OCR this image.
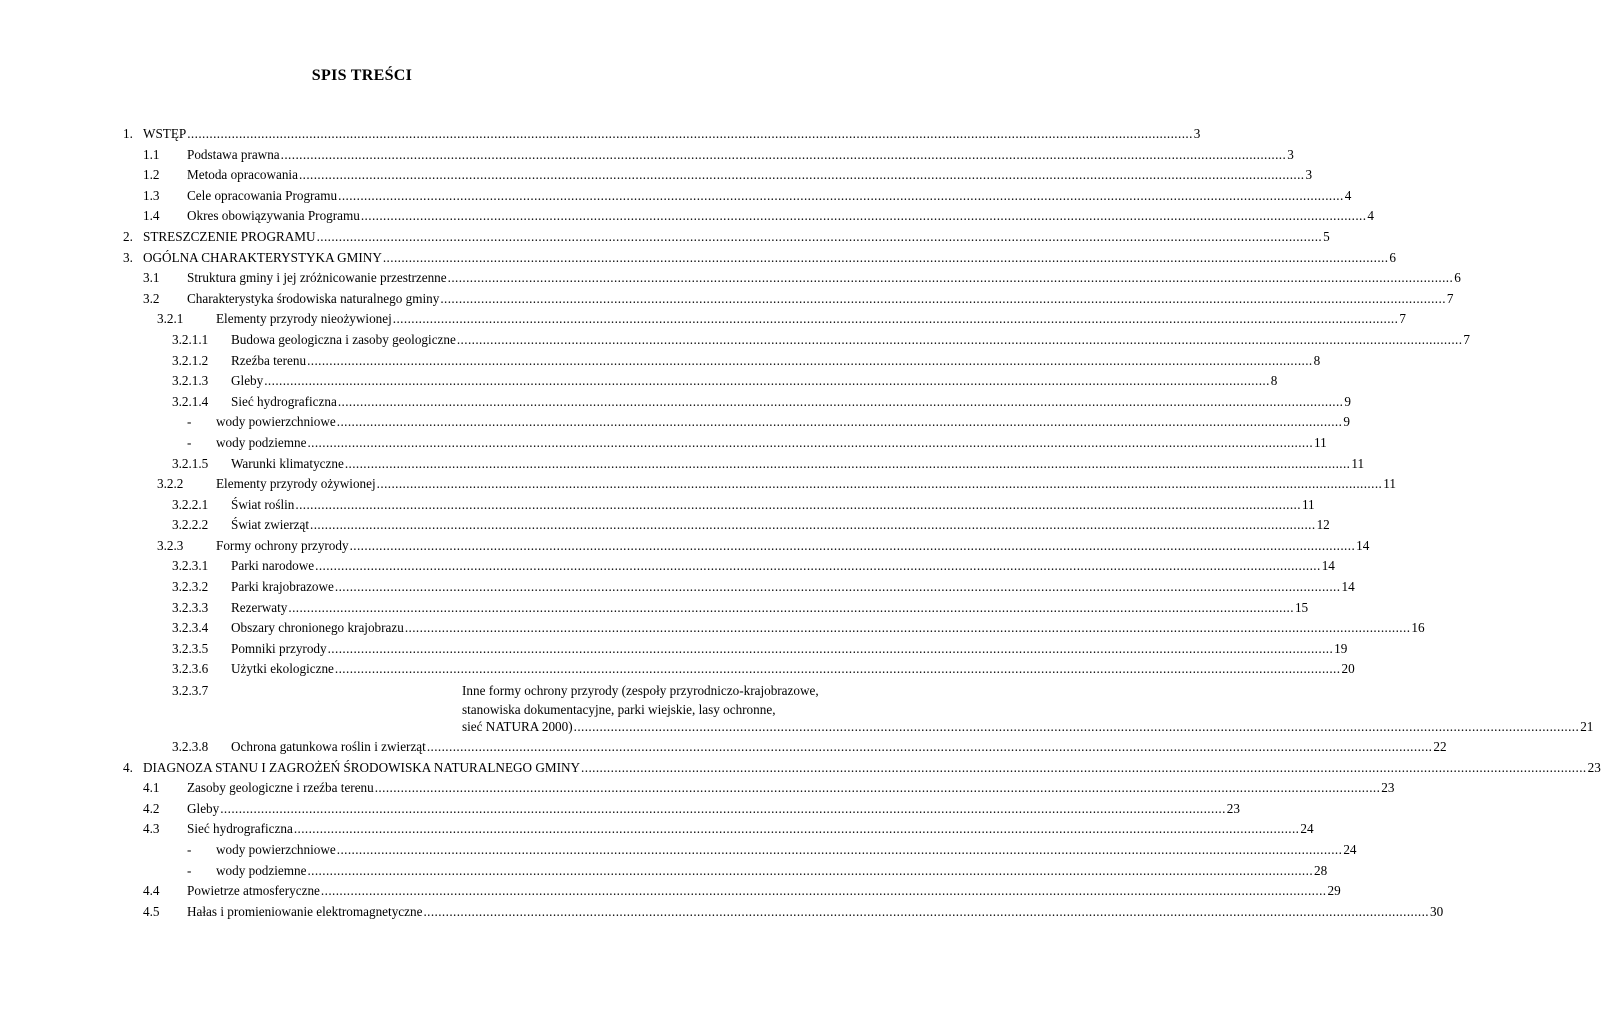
SPIS TREŚCI
1. WSTĘP .....	3
1.1 Podstawa prawna .....	3
1.2 Metoda opracowania .....	3
1.3 Cele opracowania Programu .....	4
1.4 Okres obowiązywania Programu .....	4
2. STRESZCZENIE PROGRAMU .....	5
3. OGÓLNA CHARAKTERYSTYKA GMINY .....	6
3.1 Struktura gminy i jej zróżnicowanie przestrzenne .....	6
3.2 Charakterystyka środowiska naturalnego gminy .....	7
3.2.1 Elementy przyrody nieożywionej .....	7
3.2.1.1 Budowa geologiczna i zasoby geologiczne .....	7
3.2.1.2 Rzeźba terenu .....	8
3.2.1.3 Gleby .....	8
3.2.1.4 Sieć hydrograficzna .....	9
- wody powierzchniowe .....	9
- wody podziemne .....	11
3.2.1.5 Warunki klimatyczne .....	11
3.2.2 Elementy przyrody ożywionej .....	11
3.2.2.1 Świat roślin .....	11
3.2.2.2 Świat zwierząt .....	12
3.2.3 Formy ochrony przyrody .....	14
3.2.3.1 Parki narodowe .....	14
3.2.3.2 Parki krajobrazowe .....	14
3.2.3.3 Rezerwaty .....	15
3.2.3.4 Obszary chronionego krajobrazu .....	16
3.2.3.5 Pomniki przyrody .....	19
3.2.3.6 Użytki ekologiczne .....	20
3.2.3.7	Inne formy ochrony przyrody (zespoły przyrodniczo-krajobrazowe,
stanowiska dokumentacyjne, parki wiejskie, lasy ochronne,
sieć NATURA 2000) .....	21
3.2.3.8 Ochrona gatunkowa roślin i zwierząt .....	22
4. DIAGNOZA STANU I ZAGROŻEŃ ŚRODOWISKA NATURALNEGO GMINY .....	23
4.1 Zasoby geologiczne i rzeźba terenu .....	23
4.2 Gleby .....	23
4.3 Sieć hydrograficzna .....	24
- wody powierzchniowe .....	24
- wody podziemne .....	28
4.4 Powietrze atmosferyczne .....	29
4.5 Hałas i promieniowanie elektromagnetyczne .....	30
